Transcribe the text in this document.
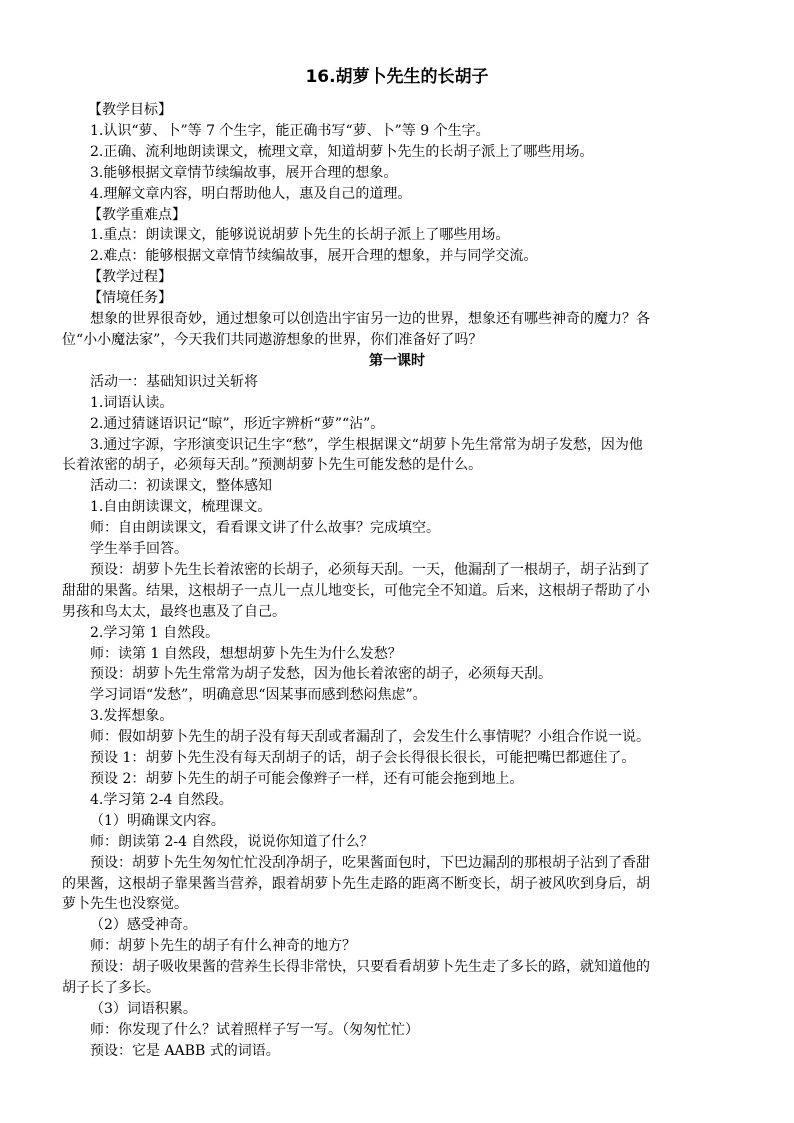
16.胡萝卜先生的长胡子
【教学目标】
1.认识“萝、卜”等 7 个生字，能正确书写“萝、卜”等 9 个生字。
2.正确、流利地朗读课文，梳理文章，知道胡萝卜先生的长胡子派上了哪些用场。
3.能够根据文章情节续编故事，展开合理的想象。
4.理解文章内容，明白帮助他人，惠及自己的道理。
【教学重难点】
1.重点：朗读课文，能够说说胡萝卜先生的长胡子派上了哪些用场。
2.难点：能够根据文章情节续编故事，展开合理的想象，并与同学交流。
【教学过程】
【情境任务】
想象的世界很奇妙，通过想象可以创造出宇宙另一边的世界，想象还有哪些神奇的魔力？各
位“小小魔法家”，今天我们共同遨游想象的世界，你们准备好了吗？
第一课时
活动一：基础知识过关斩将
1.词语认读。
2.通过猜谜语识记“晾”，形近字辨析“萝”“沾”。
3.通过字源，字形演变识记生字“愁”，学生根据课文“胡萝卜先生常常为胡子发愁，因为他
长着浓密的胡子，必须每天刮。”预测胡萝卜先生可能发愁的是什么。
活动二：初读课文，整体感知
1.自由朗读课文，梳理课文。
师：自由朗读课文，看看课文讲了什么故事？完成填空。
学生举手回答。
预设：胡萝卜先生长着浓密的长胡子，必须每天刮。一天，他漏刮了一根胡子，胡子沾到了
甜甜的果酱。结果，这根胡子一点儿一点儿地变长，可他完全不知道。后来，这根胡子帮助了小
男孩和鸟太太，最终也惠及了自己。
2.学习第 1 自然段。
师：读第 1 自然段，想想胡萝卜先生为什么发愁？
预设：胡萝卜先生常常为胡子发愁，因为他长着浓密的胡子，必须每天刮。
学习词语“发愁”，明确意思“因某事而感到愁闷焦虑”。
3.发挥想象。
师：假如胡萝卜先生的胡子没有每天刮或者漏刮了，会发生什么事情呢？小组合作说一说。
预设 1：胡萝卜先生没有每天刮胡子的话，胡子会长得很长很长，可能把嘴巴都遮住了。
预设 2：胡萝卜先生的胡子可能会像辫子一样，还有可能会拖到地上。
4.学习第 2-4 自然段。
（1）明确课文内容。
师：朗读第 2-4 自然段，说说你知道了什么？
预设：胡萝卜先生匆匆忙忙没刮净胡子，吃果酱面包时，下巴边漏刮的那根胡子沾到了香甜
的果酱，这根胡子靠果酱当营养，跟着胡萝卜先生走路的距离不断变长，胡子被风吹到身后，胡
萝卜先生也没察觉。
（2）感受神奇。
师：胡萝卜先生的胡子有什么神奇的地方？
预设：胡子吸收果酱的营养生长得非常快，只要看看胡萝卜先生走了多长的路，就知道他的
胡子长了多长。
（3）词语积累。
师：你发现了什么？试着照样子写一写。（匆匆忙忙）
预设：它是 AABB 式的词语。
